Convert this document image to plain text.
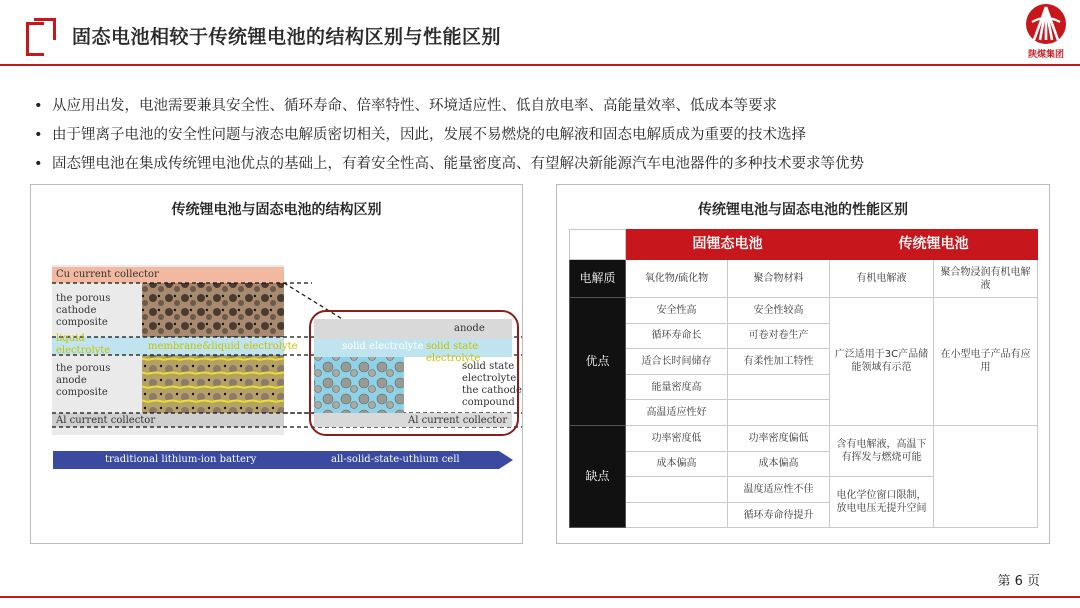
固态电池相较于传统锂电池的结构区别与性能区别
陕煤集团
• 从应用出发，电池需要兼具安全性、循环寿命、倍率特性、环境适应性、低自放电率、高能量效率、低成本等要求
• 由于锂离子电池的安全性问题与液态电解质密切相关，因此，发展不易燃烧的电解液和固态电解质成为重要的技术选择
• 固态锂电池在集成传统锂电池优点的基础上，有着安全性高、能量密度高、有望解决新能源汽车电池器件的多种技术要求等优势
传统锂电池与固态电池的结构区别
Cu current collector
the porous cathode composite
liquid electrolyte	membrane&liquid electrolyte
the porous anode composite
Al current collector
anode
solid electrolyte solid state electrolyte
solid state electrolyte the cathode compound
Al current collector
traditional lithium-ion battery	all-solid-state-uthium cell
传统锂电池与固态电池的性能区别
	固锂态电池		传统锂电池	
电解质	氧化物/硫化物	聚合物材料	有机电解液	聚合物浸润有机电解液
优点	安全性高	安全性较高	广泛适用于3C产品储能领域有示范	在小型电子产品有应用
	循环寿命长	可卷对卷生产		
	适合长时间储存	有柔性加工特性		
	能量密度高			
	高温适应性好			
缺点	功率密度低	功率密度偏低	含有电解液，高温下有挥发与燃烧可能	
	成本偏高	成本偏高		
		温度适应性不佳	电化学位窗口限制，放电电压无提升空间	
		循环寿命待提升		
第 6 页
